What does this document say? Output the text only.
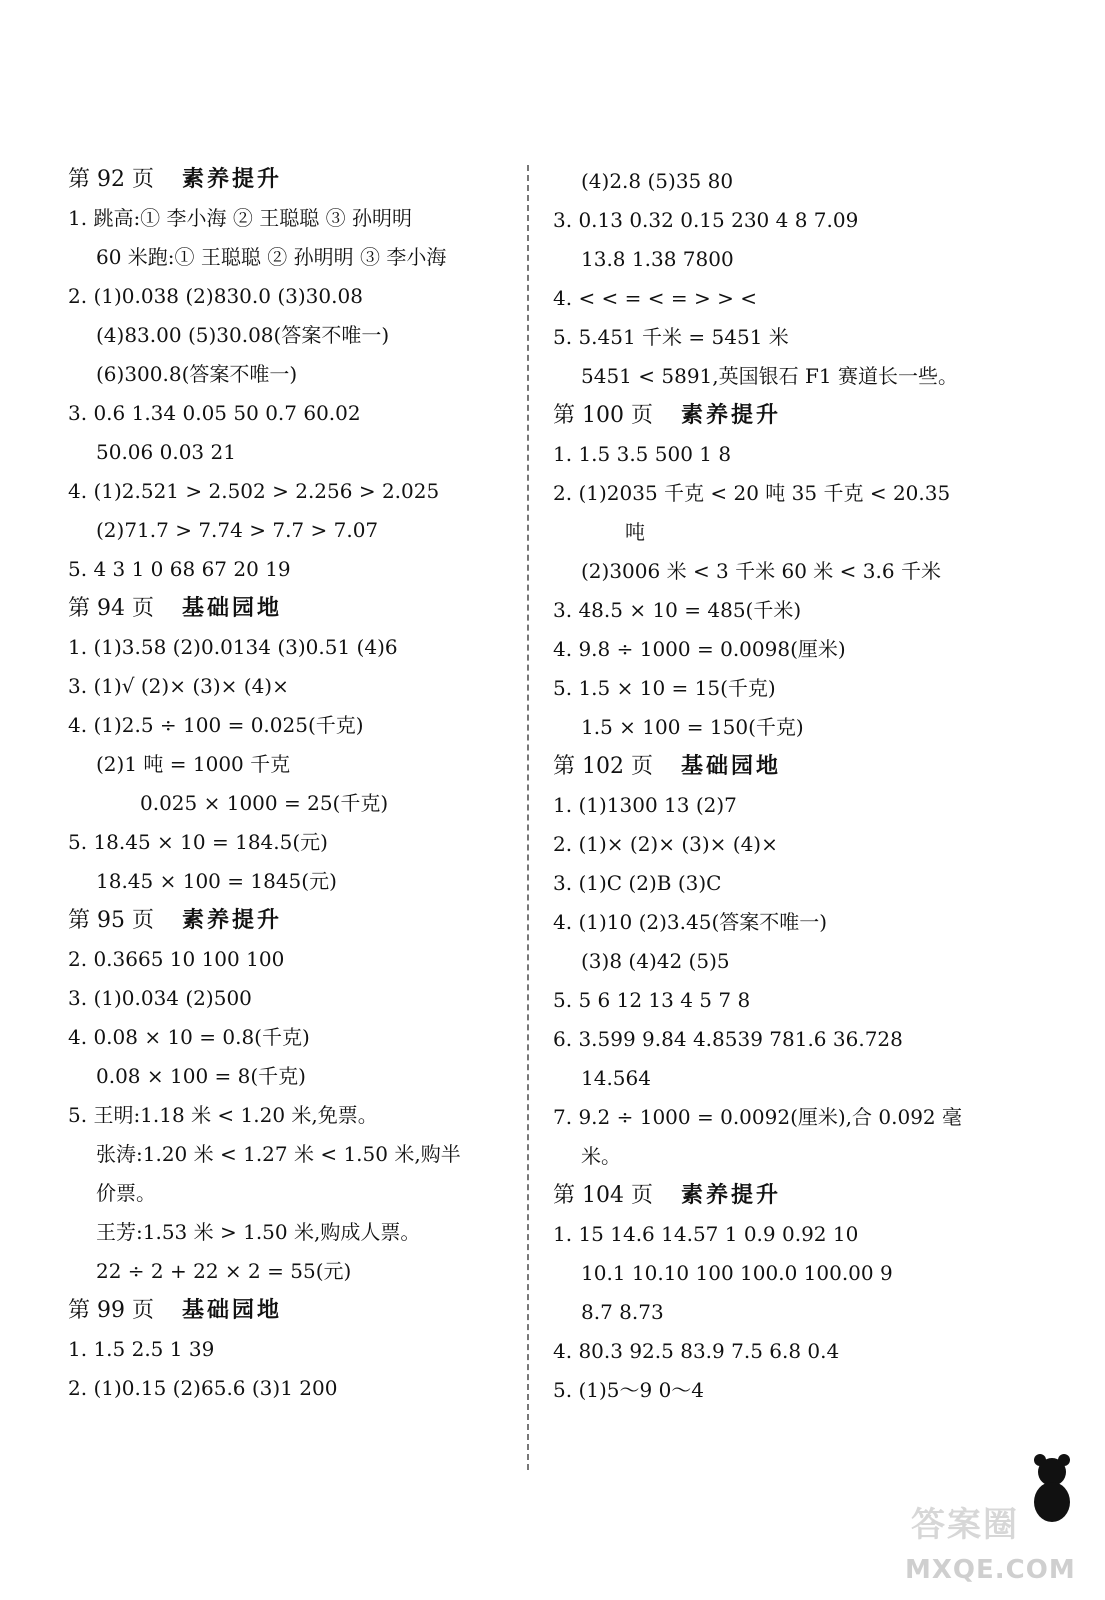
第 92 页 素养提升
1. 跳高:① 李小海 ② 王聪聪 ③ 孙明明
60 米跑:① 王聪聪 ② 孙明明 ③ 李小海
2. (1)0.038 (2)830.0 (3)30.08
(4)83.00 (5)30.08(答案不唯一)
(6)300.8(答案不唯一)
3. 0.6 1.34 0.05 50 0.7 60.02
50.06 0.03 21
4. (1)2.521 > 2.502 > 2.256 > 2.025
(2)71.7 > 7.74 > 7.7 > 7.07
5. 4 3 1 0 68 67 20 19
第 94 页 基础园地
1. (1)3.58 (2)0.0134 (3)0.51 (4)6
3. (1)√ (2)× (3)× (4)×
4. (1)2.5 ÷ 100 = 0.025(千克)
(2)1 吨 = 1000 千克
0.025 × 1000 = 25(千克)
5. 18.45 × 10 = 184.5(元)
18.45 × 100 = 1845(元)
第 95 页 素养提升
2. 0.3665 10 100 100
3. (1)0.034 (2)500
4. 0.08 × 10 = 0.8(千克)
0.08 × 100 = 8(千克)
5. 王明:1.18 米 < 1.20 米,免票。
张涛:1.20 米 < 1.27 米 < 1.50 米,购半
价票。
王芳:1.53 米 > 1.50 米,购成人票。
22 ÷ 2 + 22 × 2 = 55(元)
第 99 页 基础园地
1. 1.5 2.5 1 39
2. (1)0.15 (2)65.6 (3)1 200
(4)2.8 (5)35 80
3. 0.13 0.32 0.15 230 4 8 7.09
13.8 1.38 7800
4. < < = < = > > <
5. 5.451 千米 = 5451 米
5451 < 5891,英国银石 F1 赛道长一些。
第 100 页 素养提升
1. 1.5 3.5 500 1 8
2. (1)2035 千克 < 20 吨 35 千克 < 20.35
吨
(2)3006 米 < 3 千米 60 米 < 3.6 千米
3. 48.5 × 10 = 485(千米)
4. 9.8 ÷ 1000 = 0.0098(厘米)
5. 1.5 × 10 = 15(千克)
1.5 × 100 = 150(千克)
第 102 页 基础园地
1. (1)1300 13 (2)7
2. (1)× (2)× (3)× (4)×
3. (1)C (2)B (3)C
4. (1)10 (2)3.45(答案不唯一)
(3)8 (4)42 (5)5
5. 5 6 12 13 4 5 7 8
6. 3.599 9.84 4.8539 781.6 36.728
14.564
7. 9.2 ÷ 1000 = 0.0092(厘米),合 0.092 毫
米。
第 104 页 素养提升
1. 15 14.6 14.57 1 0.9 0.92 10
10.1 10.10 100 100.0 100.00 9
8.7 8.73
4. 80.3 92.5 83.9 7.5 6.8 0.4
5. (1)5～9 0～4
答案圈
MXQE.COM
